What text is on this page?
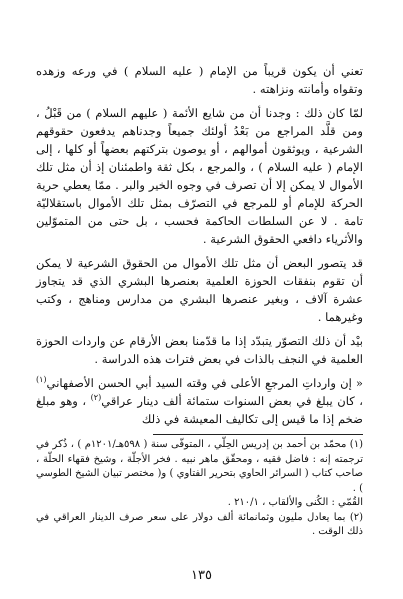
تعني أن يكون قريباً من الإمام ( عليه السلام ) في ورعه وزهده وتقواه وأمانته ونزاهته .

لمّا كان ذلك : وجدنا أن من شايع الأئمة ( عليهم السلام ) من قَبْلُ ، ومن قلَّد المراجع من بَعْدُ أولئك جميعاً وجدناهم يدفعون حقوقهم الشرعية ، ويوثقون أموالهم ، أو يوصون بتركتهم بعضهاً أو كلها ، إلى الإمام ( عليه السلام ) ، والمرجع ، بكل ثقة واطمئنان إذ أن مثل تلك الأموال لا يمكن إلا أن تصرف في وجوه الخير والبر . ممّا يعطي حرية الحركة للإمام أو للمرجع في التصرّف بمثل تلك الأموال باستقلاليّة تامة . لا عن السلطات الحاكمة فحسب ، بل حتى من المتموّلين والأثرياء دافعي الحقوق الشرعية .

قد يتصور البعض أن مثل تلك الأموال من الحقوق الشرعية لا يمكن أن تقوم بنفقات الحوزة العلمية بعنصرها البشري الذي قد يتجاوز عشرة آلاف ، وبغير عنصرها البشري من مدارس ومناهج ، وكتب وغيرهما .

بيْد أن ذلك التصوّر يتبدّد إذا ما قدّمنا بعض الأرقام عن واردات الحوزة العلمية في النجف بالذات في بعض فترات هذه الدراسة .

« إن وارداتِ المرجعِ الأعلى في وقته السيد أبي الحسن الأصفهاني$^{(١)}$ ، كان يبلغ في بعض السنوات ستمائة ألف دينار عراقي$^{(٢)}$ ، وهو مبلغ ضخم إذا ما قيس إلى تكاليف المعيشة في ذلك

(١) محمّد بن أحمد بن إدريس الحِلّي ، المتوفّى سنة ( ٥٩٨هـ/١٢٠١م ) ، ذُكر في ترجمته إنه : فاضل فقيه ، ومحقّق ماهر نبيه . فخر الأجلّة ، وشيخ فقهاء الحلّة ، صاحب كتاب ( السرائر الحاوي بتحرير الفتاوي ) و( مختصر تبيان الشيخ الطوسي ) .

القُمّي : الكُنى والألقاب ، ٢١٠/١ .

(٢) بما يعادل مليون وثمانمائة ألف دولار على سعر صرف الدينار العراقي في ذلك الوقت .

١٣٥
